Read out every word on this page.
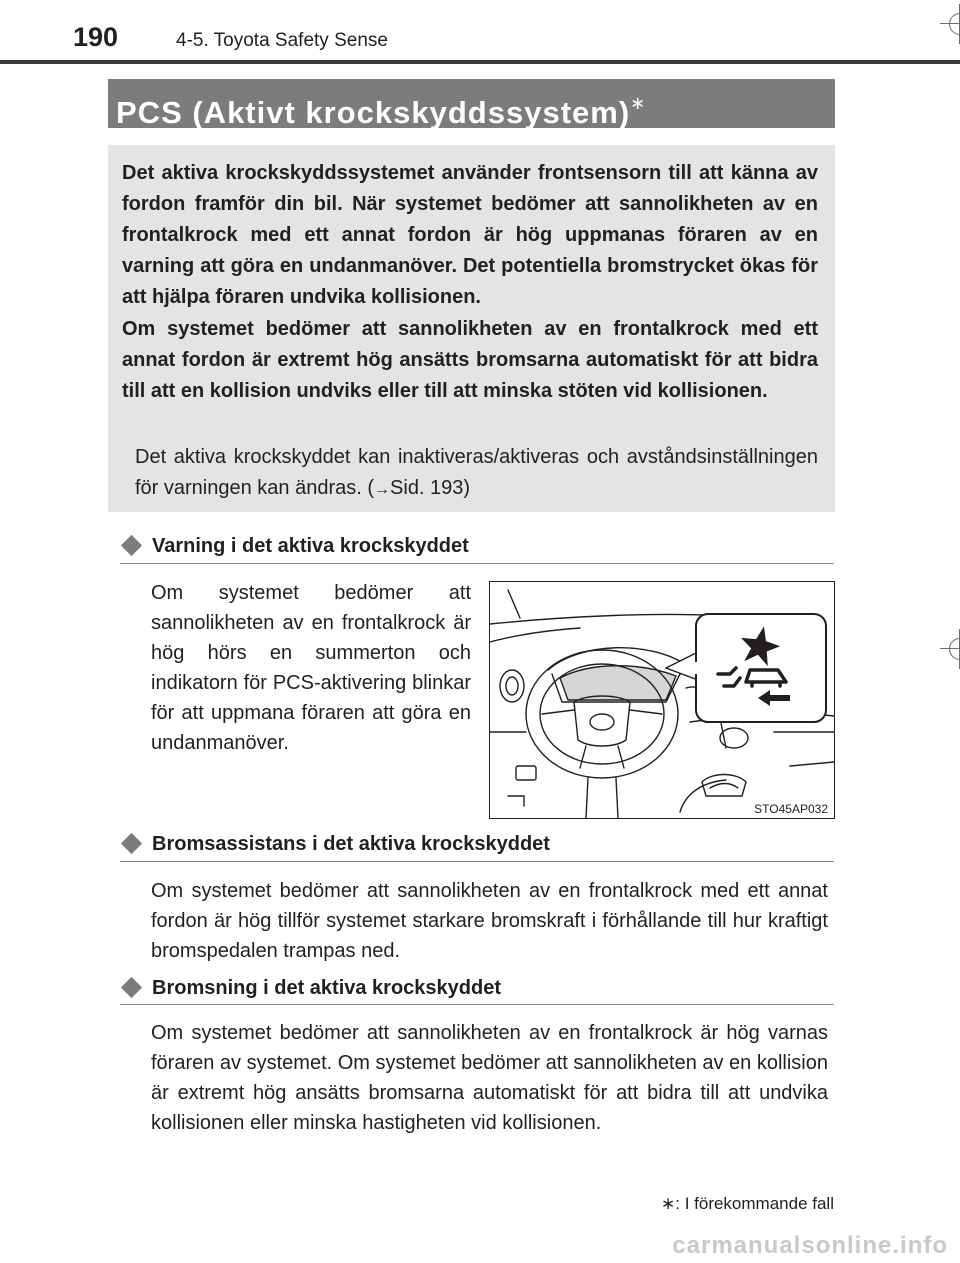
190	4-5. Toyota Safety Sense
PCS (Aktivt krockskyddssystem)∗

Det aktiva krockskyddssystemet använder frontsensorn till att känna av fordon framför din bil. När systemet bedömer att sannolikheten av en frontalkrock med ett annat fordon är hög uppmanas föraren av en varning att göra en undanmanöver. Det potentiella bromstrycket ökas för att hjälpa föraren undvika kollisionen.

Om systemet bedömer att sannolikheten av en frontalkrock med ett annat fordon är extremt hög ansätts bromsarna automatiskt för att bidra till att en kollision undviks eller till att minska stöten vid kollisionen.

Det aktiva krockskyddet kan inaktiveras/aktiveras och avståndsinställningen för varningen kan ändras. (→Sid. 193)

Varning i det aktiva krockskyddet

Om systemet bedömer att sannolikheten av en frontalkrock är hög hörs en summerton och indikatorn för PCS-aktivering blinkar för att uppmana föraren att göra en undanmanöver.

STO45AP032
Bromsassistans i det aktiva krockskyddet

Om systemet bedömer att sannolikheten av en frontalkrock med ett annat fordon är hög tillför systemet starkare bromskraft i förhållande till hur kraftigt bromspedalen trampas ned.

Bromsning i det aktiva krockskyddet

Om systemet bedömer att sannolikheten av en frontalkrock är hög varnas föraren av systemet. Om systemet bedömer att sannolikheten av en kollision är extremt hög ansätts bromsarna automatiskt för att bidra till att undvika kollisionen eller minska hastigheten vid kollisionen.

∗: I förekommande fall
carmanualsonline.info
